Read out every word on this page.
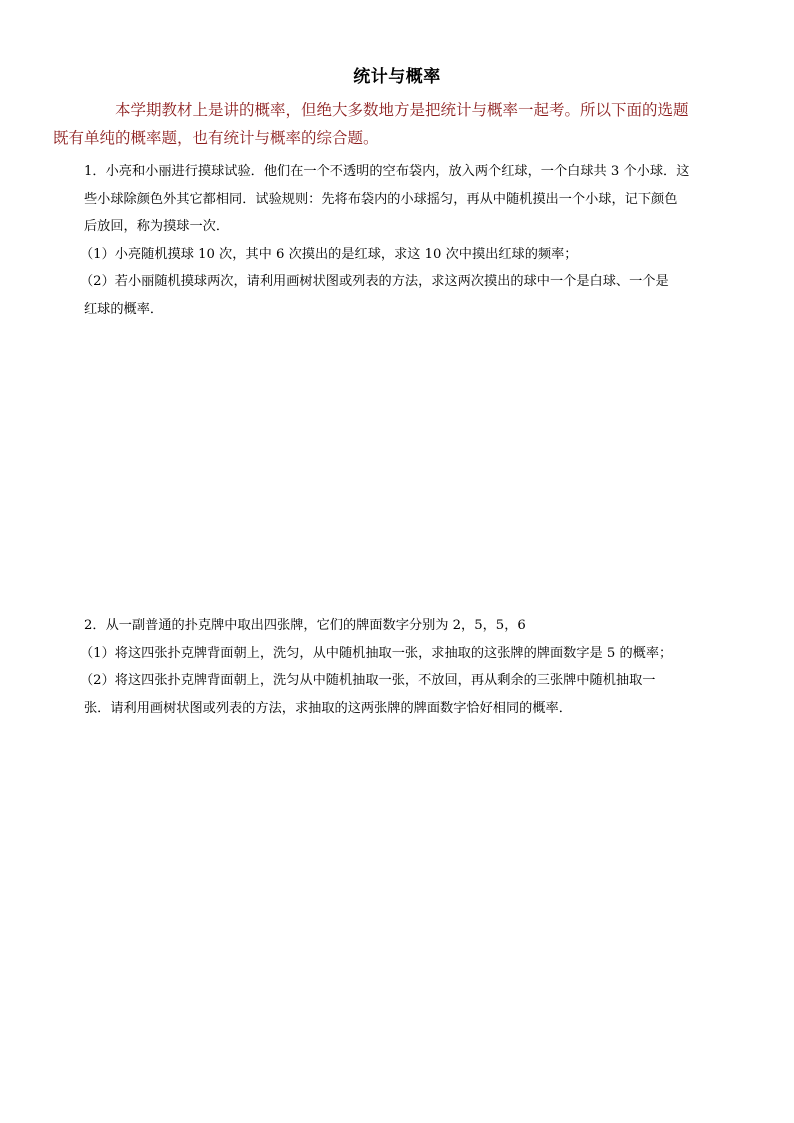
统计与概率
本学期教材上是讲的概率，但绝大多数地方是把统计与概率一起考。所以下面的选题
既有单纯的概率题，也有统计与概率的综合题。
1．小亮和小丽进行摸球试验．他们在一个不透明的空布袋内，放入两个红球，一个白球共 3 个小球．这
些小球除颜色外其它都相同．试验规则：先将布袋内的小球摇匀，再从中随机摸出一个小球，记下颜色
后放回，称为摸球一次．
（1）小亮随机摸球 10 次，其中 6 次摸出的是红球，求这 10 次中摸出红球的频率；
（2）若小丽随机摸球两次，请利用画树状图或列表的方法，求这两次摸出的球中一个是白球、一个是
红球的概率．
2．从一副普通的扑克牌中取出四张牌，它们的牌面数字分别为 2，5，5，6
（1）将这四张扑克牌背面朝上，洗匀，从中随机抽取一张，求抽取的这张牌的牌面数字是 5 的概率；
（2）将这四张扑克牌背面朝上，洗匀从中随机抽取一张，不放回，再从剩余的三张牌中随机抽取一
张．请利用画树状图或列表的方法，求抽取的这两张牌的牌面数字恰好相同的概率．
